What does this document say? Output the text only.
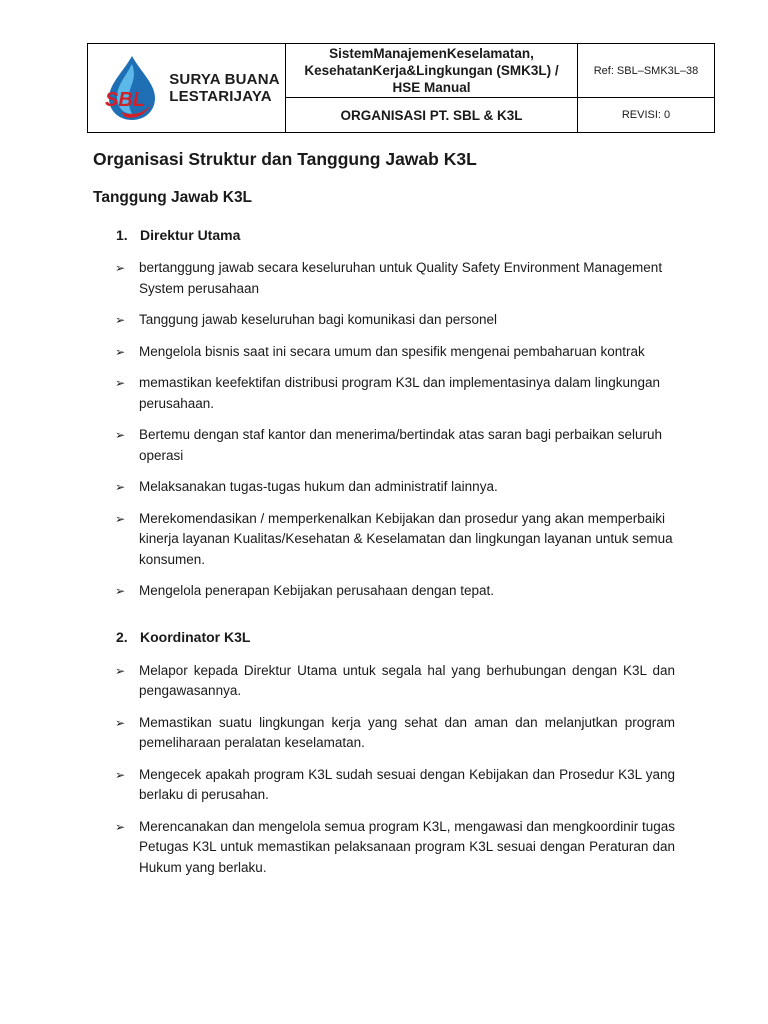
SBL
SURYA BUANA
LESTARIJAYA
SistemManajemenKeselamatan, KesehatanKerja&Lingkungan (SMK3L) / HSE Manual
Ref: SBL–SMK3L–38
ORGANISASI PT. SBL & K3L	REVISI: 0
Organisasi Struktur dan Tanggung Jawab K3L
Tanggung Jawab K3L
1. Direktur Utama
➢ bertanggung jawab secara keseluruhan untuk Quality Safety Environment Management System perusahaan
➢ Tanggung jawab keseluruhan bagi komunikasi dan personel
➢ Mengelola bisnis saat ini secara umum dan spesifik mengenai pembaharuan kontrak
➢ memastikan keefektifan distribusi program K3L dan implementasinya dalam lingkungan perusahaan.
➢ Bertemu dengan staf kantor dan menerima/bertindak atas saran bagi perbaikan seluruh operasi
➢ Melaksanakan tugas-tugas hukum dan administratif lainnya.
➢ Merekomendasikan / memperkenalkan Kebijakan dan prosedur yang akan memperbaiki kinerja layanan Kualitas/Kesehatan & Keselamatan dan lingkungan layanan untuk semua konsumen.
➢ Mengelola penerapan Kebijakan perusahaan dengan tepat.
2. Koordinator K3L
➢ Melapor kepada Direktur Utama untuk segala hal yang berhubungan dengan K3L dan pengawasannya.
➢ Memastikan suatu lingkungan kerja yang sehat dan aman dan melanjutkan program pemeliharaan peralatan keselamatan.
➢ Mengecek apakah program K3L sudah sesuai dengan Kebijakan dan Prosedur K3L yang berlaku di perusahan.
➢ Merencanakan dan mengelola semua program K3L, mengawasi dan mengkoordinir tugas Petugas K3L untuk memastikan pelaksanaan program K3L sesuai dengan Peraturan dan Hukum yang berlaku.
